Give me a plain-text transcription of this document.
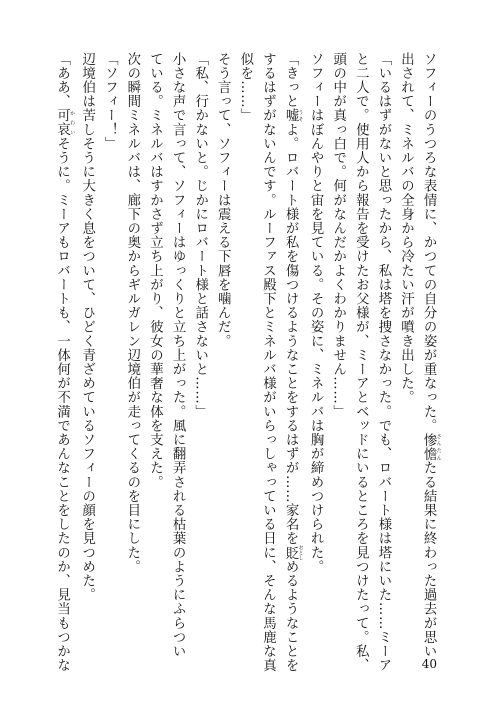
ソフィーのうつろな表情に、かつての自分の姿が重なった。惨憺 さんたんたる結果に終わった過去が思い
出されて、ミネルバの全身から冷たい汗が噴き出した。
「いるはずがないと思ったから、私は塔を捜さなかった。でも、ロバート様は塔にいた……ミーア
と二人で。使用人から報告を受けたお父様が、ミーアとベッドにいるところを見つけたって。私、
頭の中が真っ白で。何がなんだかよくわかりません……」
ソフィーはぼんやりと宙を見ている。その姿に、ミネルバは胸が締めつけられた。
「きっと嘘 うそよ。ロバート様が私を傷つけるようなことをするはずが……家名を貶 おとしめるようなことを
するはずがないんです。ルーファス殿下とミネルバ様がいらっしゃっている日に、そんな馬鹿な真
似を……」
そう言って、ソフィーは震える下唇を噛んだ。
「私、行かないと。じかにロバート様と話さないと……」
小さな声で言って、ソフィーはゆっくりと立ち上がった。風に翻弄される枯葉のようにふらつい
ている。ミネルバはすかさず立ち上がり、彼女の華奢な体を支えた。
次の瞬間ミネルバは、廊下の奥からギルガレン辺境伯が走ってくるのを目にした。
「ソフィー！」
辺境伯は苦しそうに大きく息をついて、ひどく青ざめているソフィーの顔を見つめた。
「ああ、可哀 かわいそうに。ミーアもロバートも、一体何が不満であんなことをしたのか、見当もつかな	40
